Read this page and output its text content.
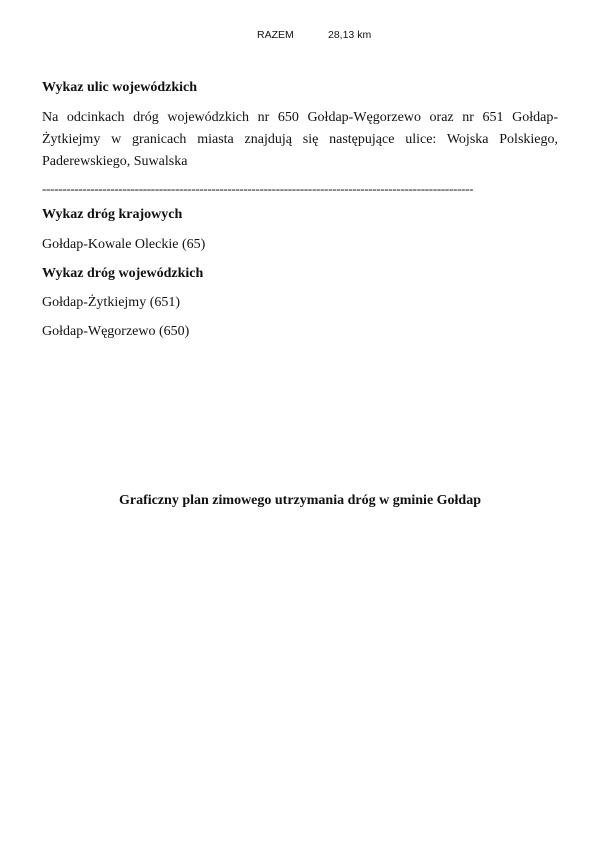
RAZEM	28,13 km

Wykaz ulic wojewódzkich

Na odcinkach dróg wojewódzkich nr 650 Gołdap-Węgorzewo oraz nr 651 Gołdap-Żytkiejmy w granicach miasta znajdują się następujące ulice: Wojska Polskiego, Paderewskiego, Suwalska

-----------------------------------------------------------------------------------------------------------

Wykaz dróg krajowych

Gołdap-Kowale Oleckie (65)

Wykaz dróg wojewódzkich

Gołdap-Żytkiejmy (651)

Gołdap-Węgorzewo (650)

Graficzny plan zimowego utrzymania dróg w gminie Gołdap
